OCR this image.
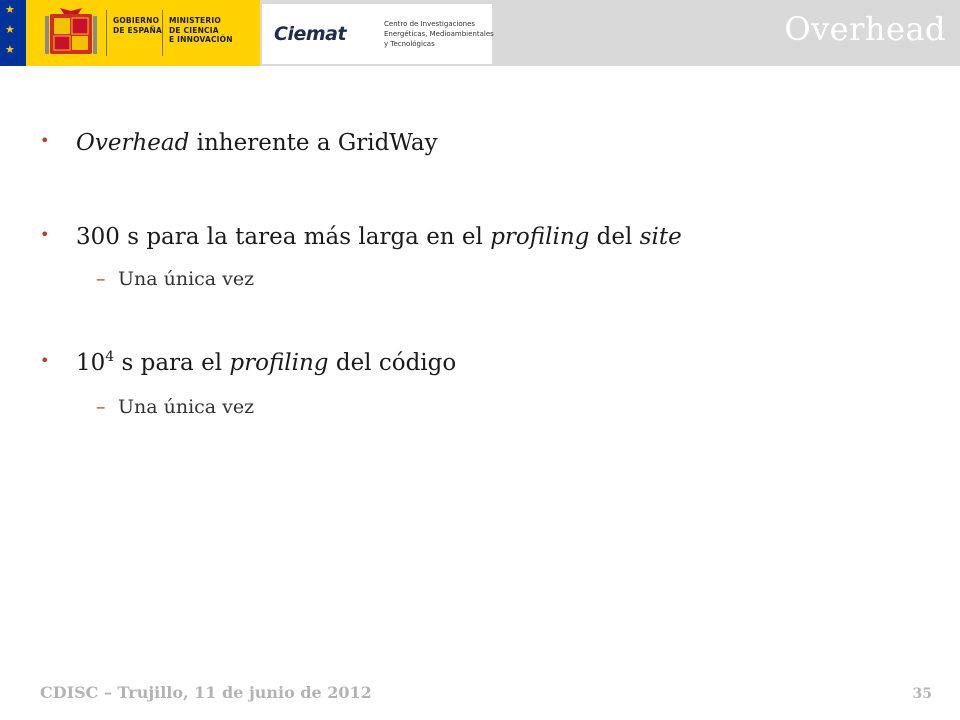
★
★
★
GOBIERNO
DE ESPAÑA
MINISTERIO
DE CIENCIA
E INNOVACIÓN Ciemat	Centro de Investigaciones
Energéticas, Medioambientales
y Tecnológicas	Overhead
• Overhead inherente a GridWay
• 300 s para la tarea más larga en el profiling del site
– Una única vez
• $10^4$ s para el profiling del código
– Una única vez
CDISC – Trujillo, 11 de junio de 2012	35
